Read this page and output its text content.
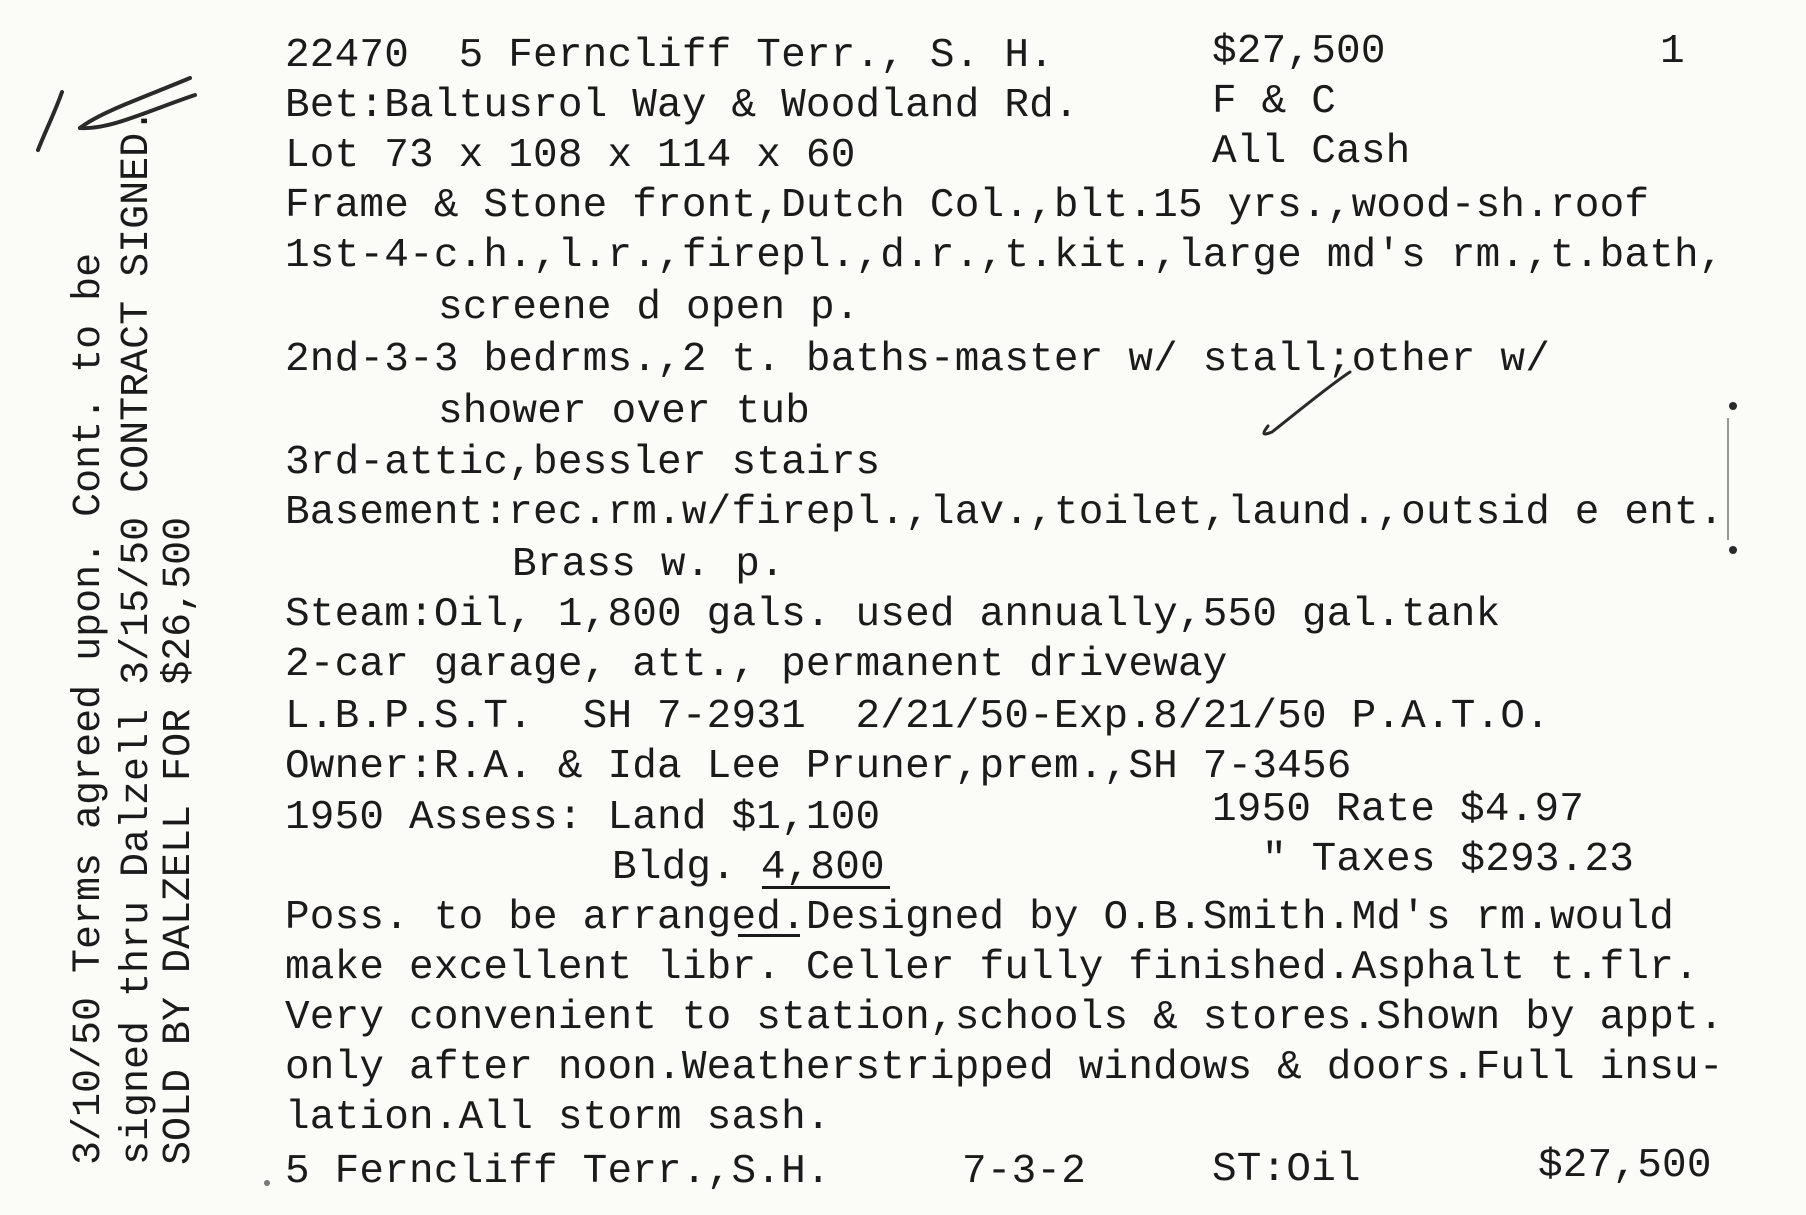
3/10/50 Terms agreed upon. Cont. to be signed thru Dalzell 3/15/50 CONTRACT SIGNED.
SOLD BY DALZELL FOR $26,500
22470  5 Ferncliff Terr., S. H.
Bet:Baltusrol Way & Woodland Rd.
Lot 73 x 108 x 114 x 60
Frame & Stone front,Dutch Col.,blt.15 yrs.,wood-sh.roof
1st-4-c.h.,l.r.,firepl.,d.r.,t.kit.,large md's rm.,t.bath,
screene d open p.
2nd-3-3 bedrms.,2 t. baths-master w/ stall;other w/
shower over tub
3rd-attic,bessler stairs
Basement:rec.rm.w/firepl.,lav.,toilet,laund.,outsid e ent.
Brass w. p.
Steam:Oil, 1,800 gals. used annually,550 gal.tank
2-car garage, att., permanent driveway
L.B.P.S.T.  SH 7-2931  2/21/50-Exp.8/21/50 P.A.T.O.
Owner:R.A. & Ida Lee Pruner,prem.,SH 7-3456
1950 Assess: Land $1,100
Bldg. 4,800
Poss. to be arranged.Designed by O.B.Smith.Md's rm.would
make excellent libr. Celler fully finished.Asphalt t.flr.
Very convenient to station,schools & stores.Shown by appt.
only after noon.Weatherstripped windows & doors.Full insu-
lation.All storm sash.
$27,500	1
F & C
All Cash
1950 Rate $4.97
" Taxes $293.23
5 Ferncliff Terr.,S.H.	7-3-2	ST:Oil	$27,500
